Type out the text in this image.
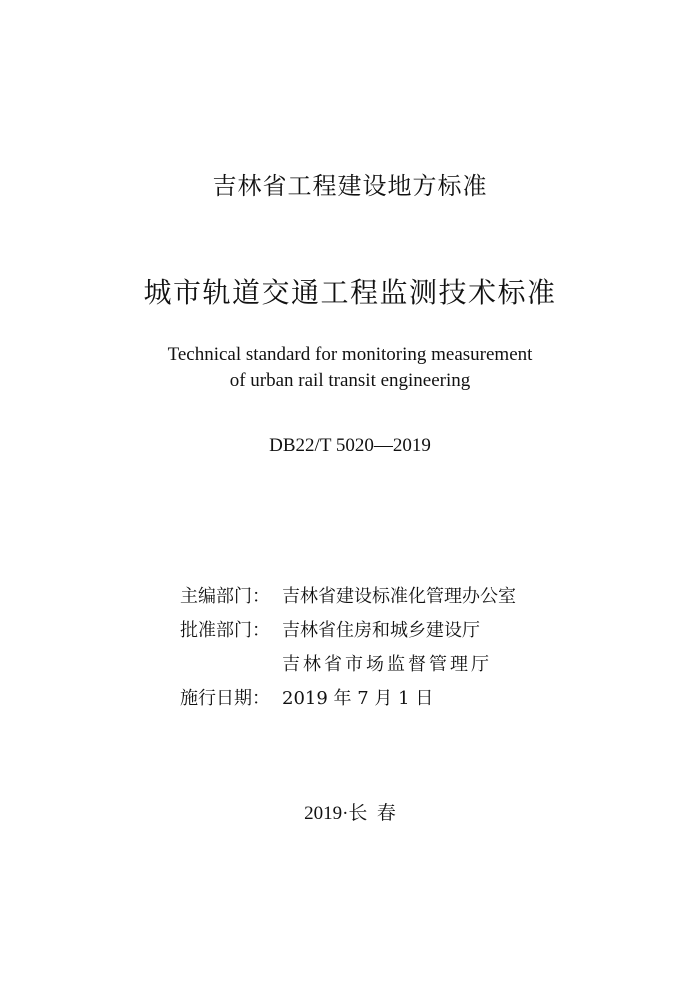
吉林省工程建设地方标准
城市轨道交通工程监测技术标准
Technical standard for monitoring measurement
of urban rail transit engineering
DB22/T 5020—2019
主编部门： 吉林省建设标准化管理办公室
批准部门： 吉林省住房和城乡建设厅
吉林省市场监督管理厅
施行日期： 2019 年 7 月 1 日
2019·长  春
